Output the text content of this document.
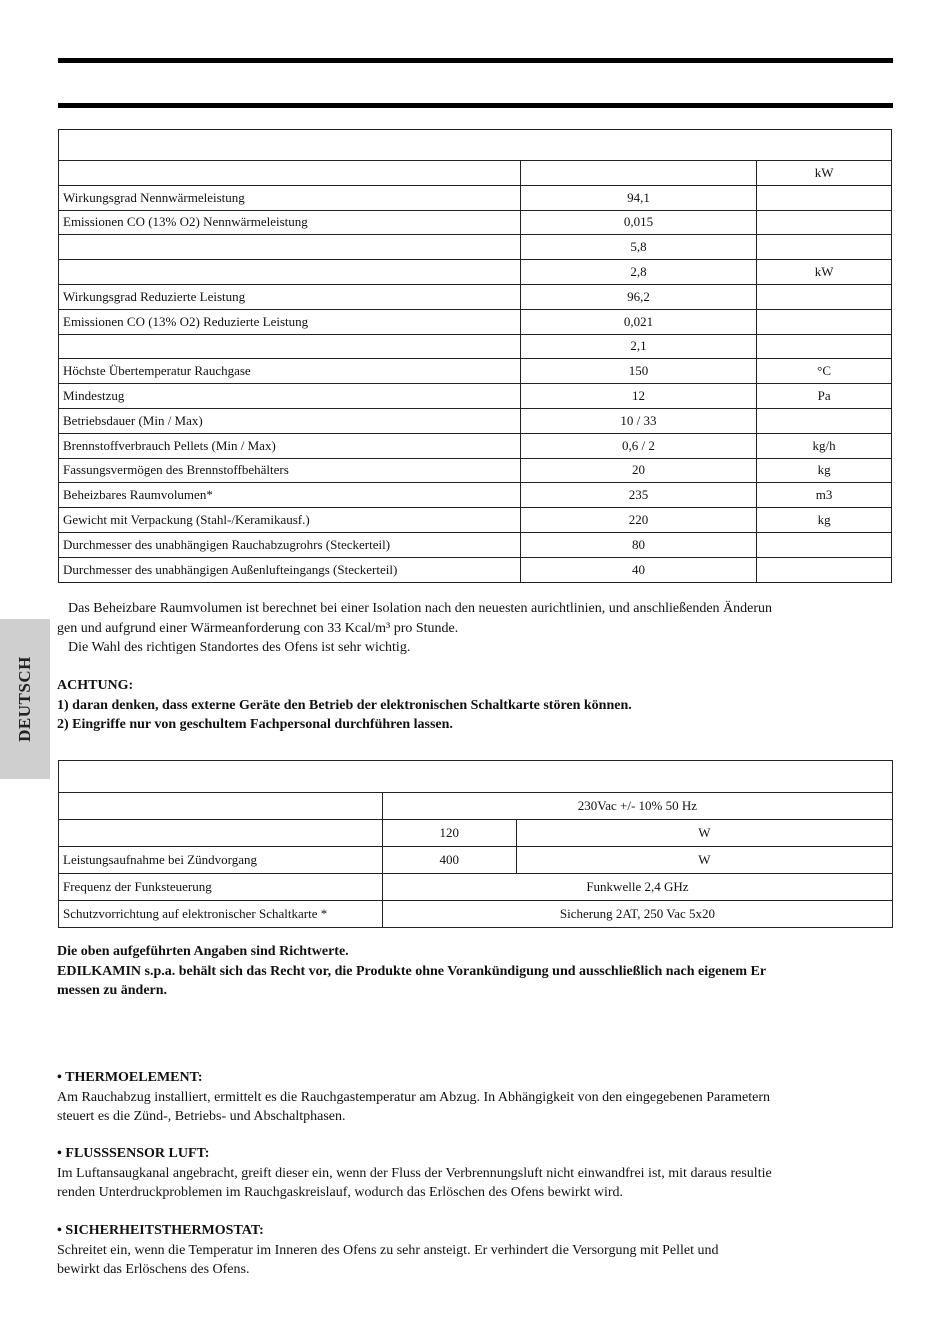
		kW
Wirkungsgrad Nennwärmeleistung	94,1	
Emissionen CO (13% O2) Nennwärmeleistung	0,015	
	5,8	
	2,8	kW
Wirkungsgrad Reduzierte Leistung	96,2	
Emissionen CO (13% O2) Reduzierte Leistung	0,021	
	2,1	
Höchste Übertemperatur Rauchgase	150	°C
Mindestzug	12	Pa
Betriebsdauer (Min / Max)	10 / 33	
Brennstoffverbrauch Pellets (Min / Max)	0,6 / 2	kg/h
Fassungsvermögen des Brennstoffbehälters	20	kg
Beheizbares Raumvolumen*	235	m3
Gewicht mit Verpackung (Stahl-/Keramikausf.)	220	kg
Durchmesser des unabhängigen Rauchabzugrohrs (Steckerteil)	80	
Durchmesser des unabhängigen Außenlufteingangs (Steckerteil)	40	
DEUTSCH

Das Beheizbare Raumvolumen ist berechnet bei einer Isolation nach den neuesten aurichtlinien, und anschließenden Änderun

gen und aufgrund einer Wärmeanforderung con 33 Kcal/m³ pro Stunde.

Die Wahl des richtigen Standortes des Ofens ist sehr wichtig.

ACHTUNG:

1) daran denken, dass externe Geräte den Betrieb der elektronischen Schaltkarte stören können.

2) Eingriffe nur von geschultem Fachpersonal durchführen lassen.

	230Vac +/- 10% 50 Hz	
	120	W
Leistungsaufnahme bei Zündvorgang	400	W
Frequenz der Funksteuerung	Funkwelle 2,4 GHz	
Schutzvorrichtung auf elektronischer Schaltkarte *	Sicherung 2AT, 250 Vac 5x20	

Die oben aufgeführten Angaben sind Richtwerte.

EDILKAMIN s.p.a. behält sich das Recht vor, die Produkte ohne Vorankündigung und ausschließlich nach eigenem Er

messen zu ändern.

• THERMOELEMENT:

Am Rauchabzug installiert, ermittelt es die Rauchgastemperatur am Abzug. In Abhängigkeit von den eingegebenen Parametern

steuert es die Zünd-, Betriebs- und Abschaltphasen.

• FLUSSSENSOR LUFT:

Im Luftansaugkanal angebracht, greift dieser ein, wenn der Fluss der Verbrennungsluft nicht einwandfrei ist, mit daraus resultie

renden Unterdruckproblemen im Rauchgaskreislauf, wodurch das Erlöschen des Ofens bewirkt wird.

• SICHERHEITSTHERMOSTAT:

Schreitet ein, wenn die Temperatur im Inneren des Ofens zu sehr ansteigt. Er verhindert die Versorgung mit Pellet und

bewirkt das Erlöschens des Ofens.
